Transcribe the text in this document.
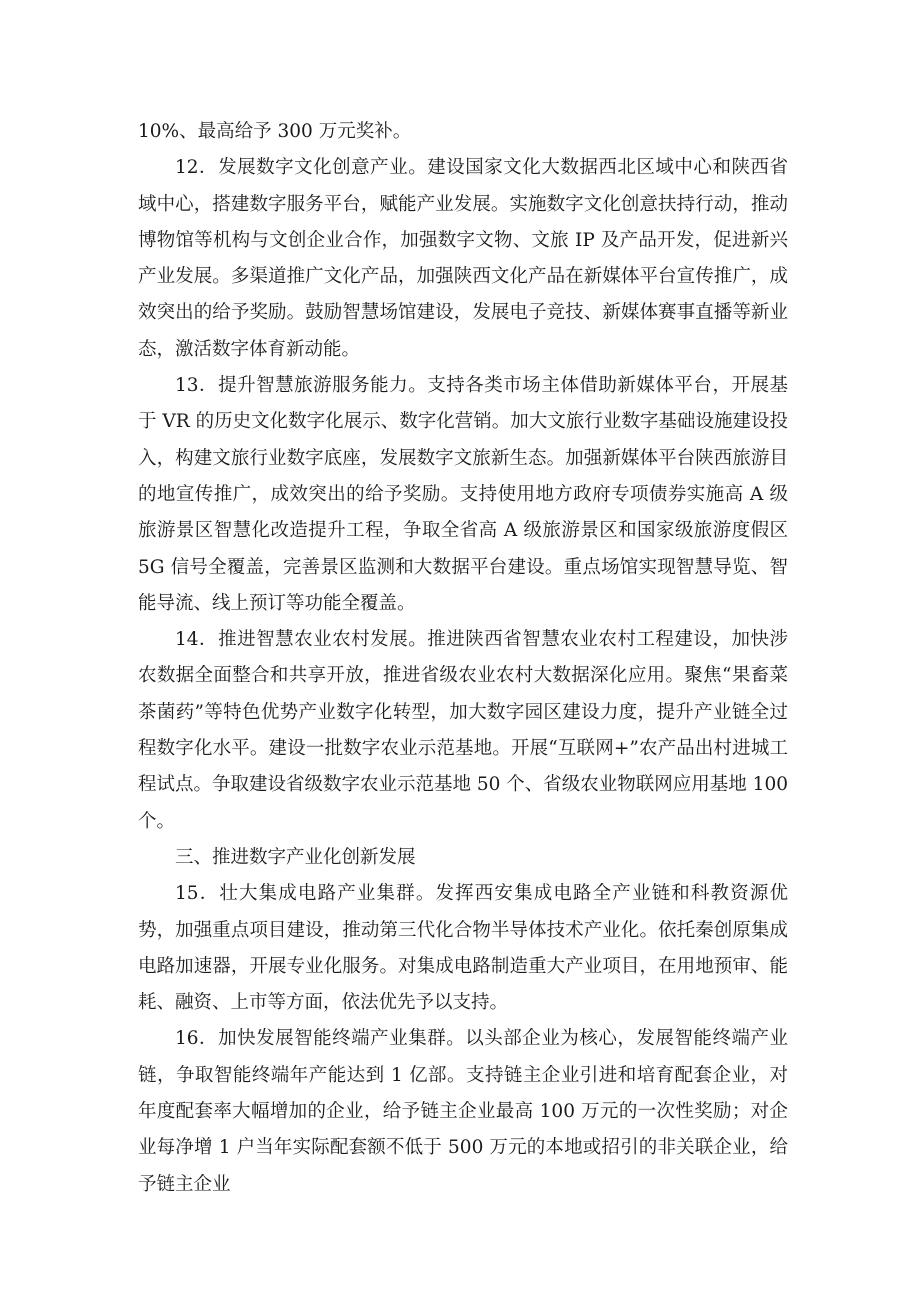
10%、最高给予 300 万元奖补。

12．发展数字文化创意产业。建设国家文化大数据西北区域中心和陕西省域中心，搭建数字服务平台，赋能产业发展。实施数字文化创意扶持行动，推动博物馆等机构与文创企业合作，加强数字文物、文旅 IP 及产品开发，促进新兴产业发展。多渠道推广文化产品，加强陕西文化产品在新媒体平台宣传推广，成效突出的给予奖励。鼓励智慧场馆建设，发展电子竞技、新媒体赛事直播等新业态，激活数字体育新动能。

13．提升智慧旅游服务能力。支持各类市场主体借助新媒体平台，开展基于 VR 的历史文化数字化展示、数字化营销。加大文旅行业数字基础设施建设投入，构建文旅行业数字底座，发展数字文旅新生态。加强新媒体平台陕西旅游目的地宣传推广，成效突出的给予奖励。支持使用地方政府专项债券实施高 A 级旅游景区智慧化改造提升工程，争取全省高 A 级旅游景区和国家级旅游度假区 5G 信号全覆盖，完善景区监测和大数据平台建设。重点场馆实现智慧导览、智能导流、线上预订等功能全覆盖。

14．推进智慧农业农村发展。推进陕西省智慧农业农村工程建设，加快涉农数据全面整合和共享开放，推进省级农业农村大数据深化应用。聚焦“果畜菜茶菌药”等特色优势产业数字化转型，加大数字园区建设力度，提升产业链全过程数字化水平。建设一批数字农业示范基地。开展“互联网+”农产品出村进城工程试点。争取建设省级数字农业示范基地 50 个、省级农业物联网应用基地 100 个。

三、推进数字产业化创新发展

15．壮大集成电路产业集群。发挥西安集成电路全产业链和科教资源优势，加强重点项目建设，推动第三代化合物半导体技术产业化。依托秦创原集成电路加速器，开展专业化服务。对集成电路制造重大产业项目，在用地预审、能耗、融资、上市等方面，依法优先予以支持。

16．加快发展智能终端产业集群。以头部企业为核心，发展智能终端产业链，争取智能终端年产能达到 1 亿部。支持链主企业引进和培育配套企业，对年度配套率大幅增加的企业，给予链主企业最高 100 万元的一次性奖励；对企业每净增 1 户当年实际配套额不低于 500 万元的本地或招引的非关联企业，给予链主企业
